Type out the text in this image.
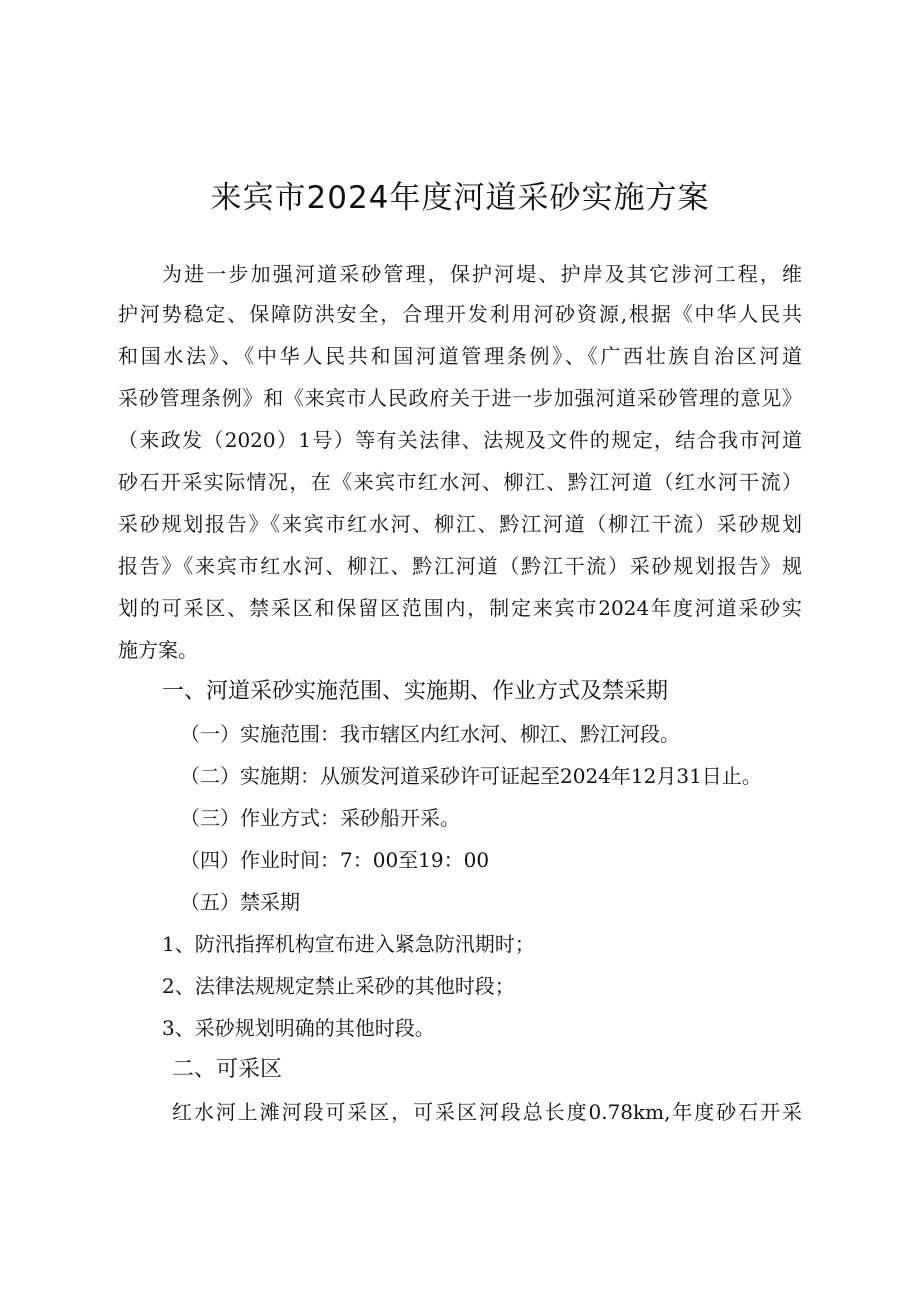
来宾市2024年度河道采砂实施方案
为进一步加强河道采砂管理，保护河堤、护岸及其它涉河工程，维
护河势稳定、保障防洪安全，合理开发利用河砂资源,根据《中华人民共
和国水法》、《中华人民共和国河道管理条例》、《广西壮族自治区河道
采砂管理条例》和《来宾市人民政府关于进一步加强河道采砂管理的意见》
（来政发（2020）1号）等有关法律、法规及文件的规定，结合我市河道
砂石开采实际情况，在《来宾市红水河、柳江、黔江河道（红水河干流）
采砂规划报告》《来宾市红水河、柳江、黔江河道（柳江干流）采砂规划
报告》《来宾市红水河、柳江、黔江河道（黔江干流）采砂规划报告》规
划的可采区、禁采区和保留区范围内，制定来宾市2024年度河道采砂实
施方案。
一、河道采砂实施范围、实施期、作业方式及禁采期
（一）实施范围：我市辖区内红水河、柳江、黔江河段。
（二）实施期：从颁发河道采砂许可证起至2024年12月31日止。
（三）作业方式：采砂船开采。
（四）作业时间：7：00至19：00
（五）禁采期
1、防汛指挥机构宣布进入紧急防汛期时；
2、法律法规规定禁止采砂的其他时段；
3、采砂规划明确的其他时段。
二、可采区
红水河上滩河段可采区，可采区河段总长度0.78km,年度砂石开采
